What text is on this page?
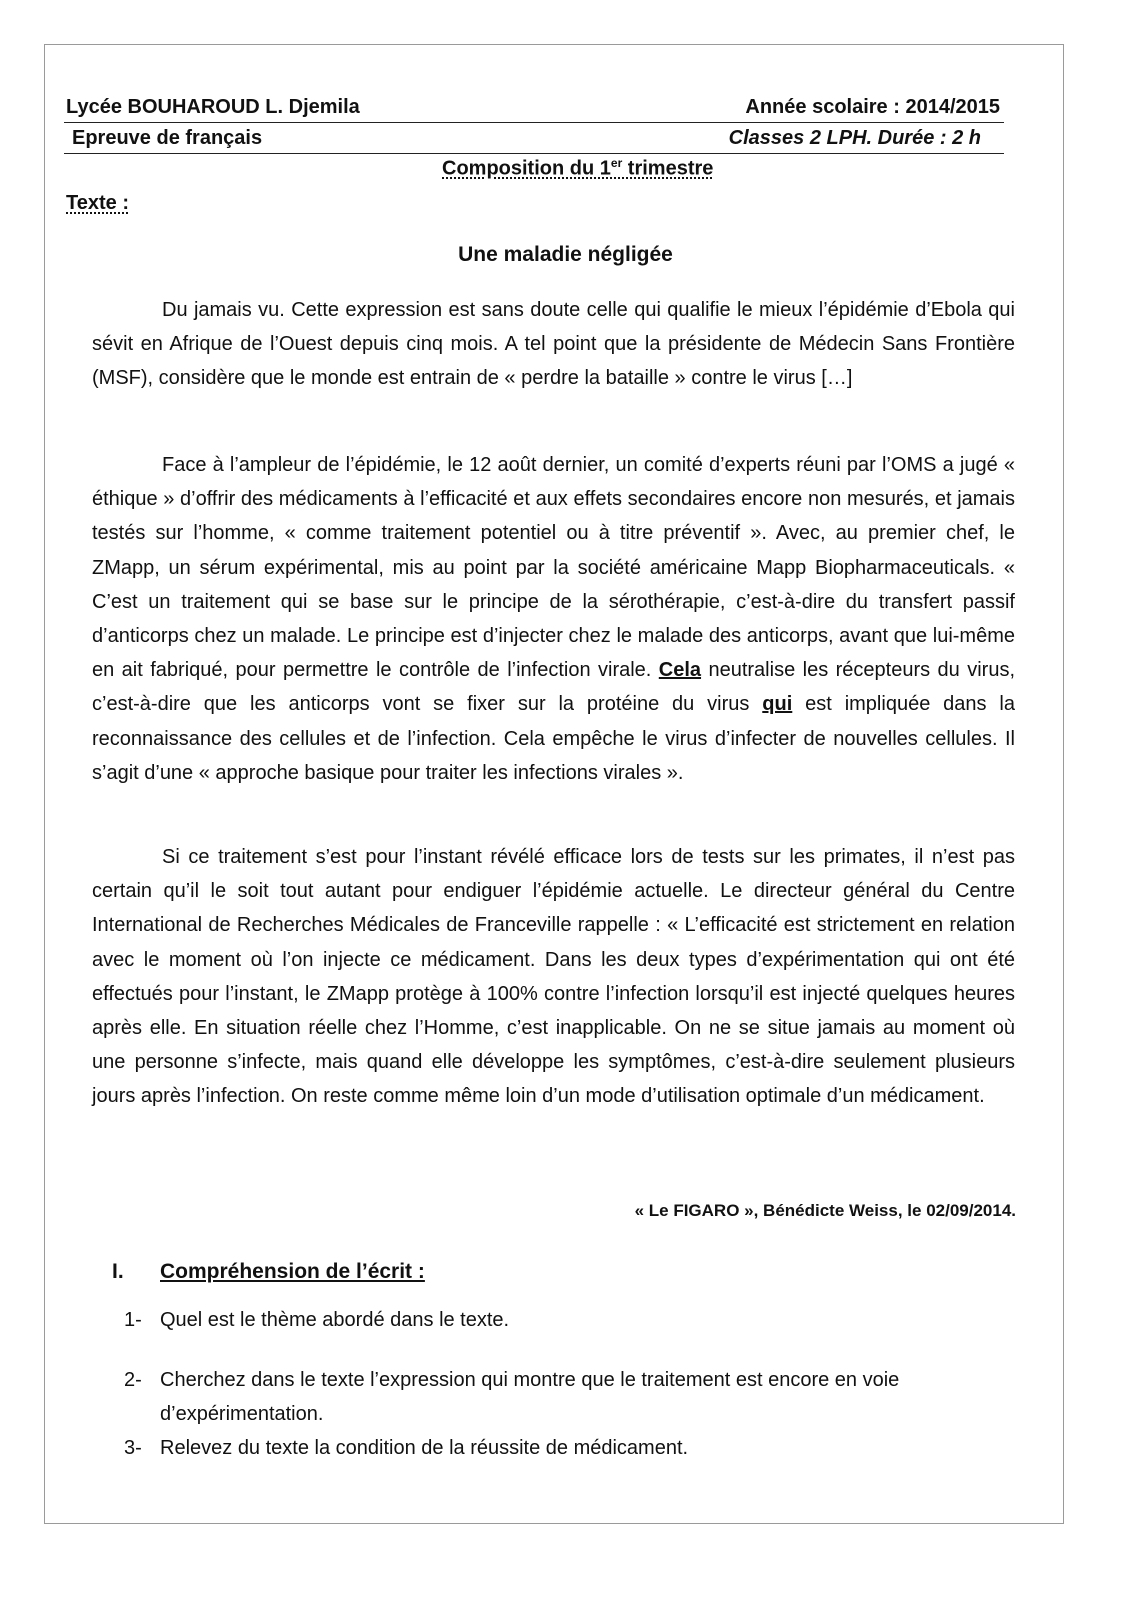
Lycée BOUHAROUD L. Djemila	Année scolaire : 2014/2015
Epreuve de français	Classes 2 LPH. Durée : 2 h
Composition du 1er trimestre
Texte :
Une maladie négligée

Du jamais vu. Cette expression est sans doute celle qui qualifie le mieux l’épidémie d’Ebola qui sévit en Afrique de l’Ouest depuis cinq mois. A tel point que la présidente de Médecin Sans Frontière (MSF), considère que le monde est entrain de « perdre la bataille » contre le virus […]

Face à l’ampleur de l’épidémie, le 12 août dernier, un comité d’experts réuni par l’OMS a jugé « éthique » d’offrir des médicaments à l’efficacité et aux effets secondaires encore non mesurés, et jamais testés sur l’homme, « comme traitement potentiel ou à titre préventif ». Avec, au premier chef, le ZMapp, un sérum expérimental, mis au point par la société américaine Mapp Biopharmaceuticals. « C’est un traitement qui se base sur le principe de la sérothérapie, c’est-à-dire du transfert passif d’anticorps chez un malade. Le principe est d’injecter chez le malade des anticorps, avant que lui-même en ait fabriqué, pour permettre le contrôle de l’infection virale. Cela neutralise les récepteurs du virus, c’est-à-dire que les anticorps vont se fixer sur la protéine du virus qui est impliquée dans la reconnaissance des cellules et de l’infection. Cela empêche le virus d’infecter de nouvelles cellules. Il s’agit d’une « approche basique pour traiter les infections virales ».

Si ce traitement s’est pour l’instant révélé efficace lors de tests sur les primates, il n’est pas certain qu’il le soit tout autant pour endiguer l’épidémie actuelle. Le directeur général du Centre International de Recherches Médicales de Franceville rappelle : « L’efficacité est strictement en relation avec le moment où l’on injecte ce médicament. Dans les deux types d’expérimentation qui ont été effectués pour l’instant, le ZMapp protège à 100% contre l’infection lorsqu’il est injecté quelques heures après elle. En situation réelle chez l’Homme, c’est inapplicable. On ne se situe jamais au moment où une personne s’infecte, mais quand elle développe les symptômes, c’est-à-dire seulement plusieurs jours après l’infection. On reste comme même loin d’un mode d’utilisation optimale d’un médicament.

« Le FIGARO », Bénédicte Weiss, le 02/09/2014.
I. Compréhension de l’écrit :
1- Quel est le thème abordé dans le texte.
2- Cherchez dans le texte l’expression qui montre que le traitement est encore en voie d’expérimentation.
3- Relevez du texte la condition de la réussite de médicament.
